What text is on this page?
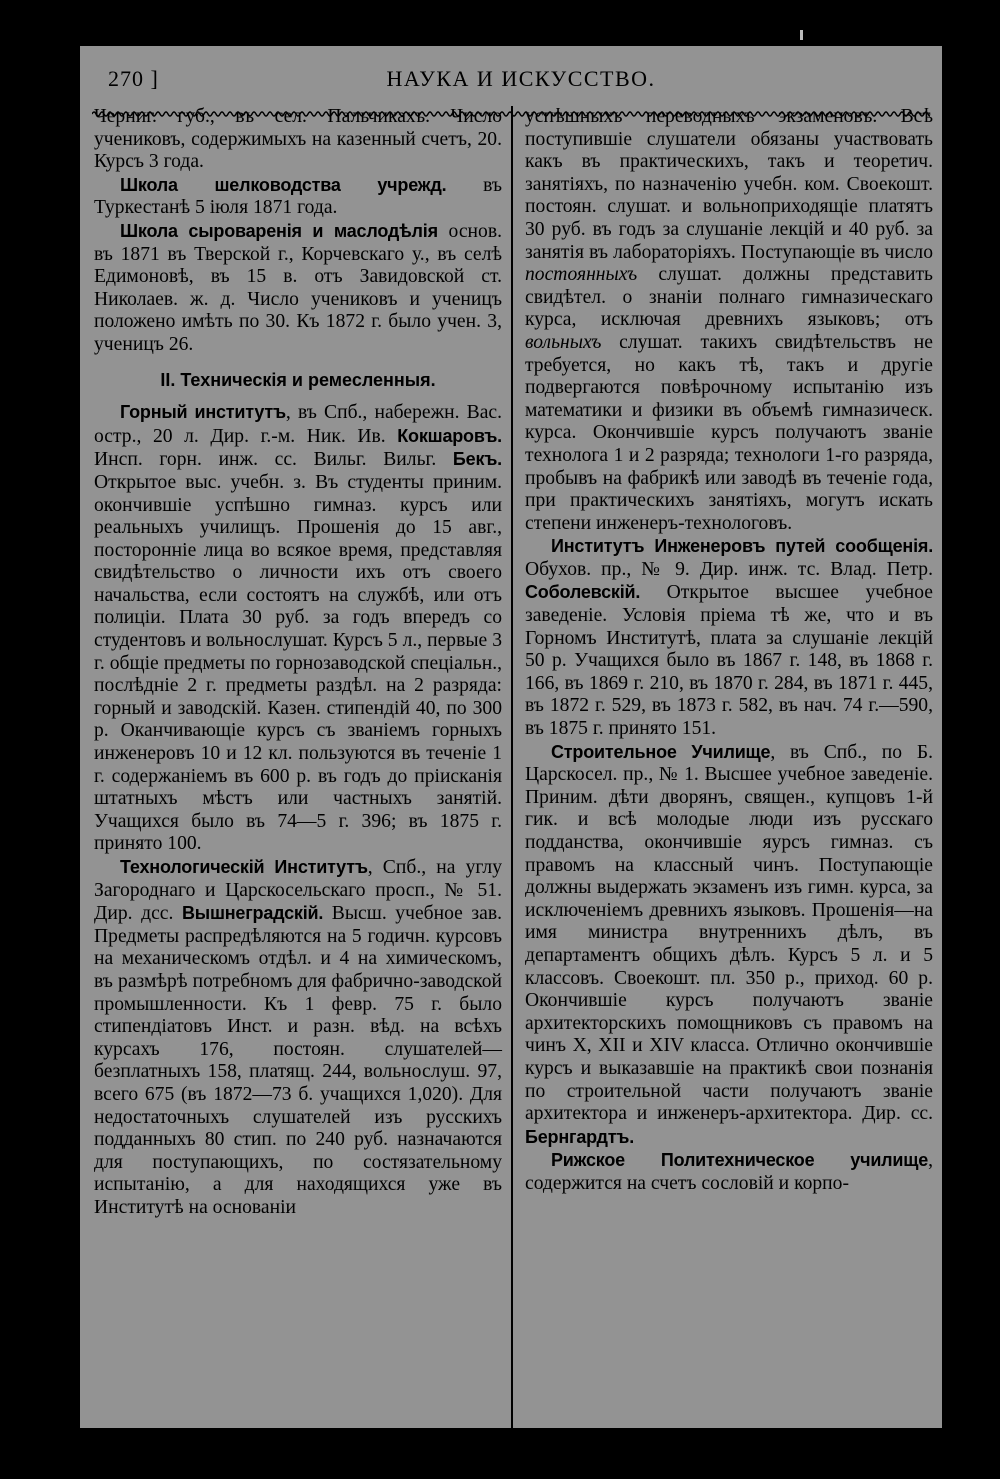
270 ]	НАУКА И ИСКУССТВО.

Черниг. губ., въ сел. Пальчикахъ. Число учениковъ, содержимыхъ на казенный счетъ, 20. Курсъ 3 года.

Школа шелководства учрежд. въ Туркестанѣ 5 іюля 1871 года.

Школа сыроваренія и маслодѣлія основ. въ 1871 въ Тверской г., Корчевскаго у., въ селѣ Едимоновѣ, въ 15 в. отъ Завидовской ст. Николаев. ж. д. Число учениковъ и ученицъ положено имѣть по 30. Къ 1872 г. было учен. 3, ученицъ 26.

II. Техническія и ремесленныя.

Горный институтъ, въ Спб., набережн. Вас. остр., 20 л. Дир. г.-м. Ник. Ив. Кокшаровъ. Инсп. горн. инж. сс. Вильг. Вильг. Бекъ. Открытое выс. учебн. з. Въ студенты приним. окончившіе успѣшно гимназ. курсъ или реальныхъ училищъ. Прошенія до 15 авг., посторонніе лица во всякое время, представляя свидѣтельство о личности ихъ отъ своего начальства, если состоятъ на службѣ, или отъ полиціи. Плата 30 руб. за годъ впередъ со студентовъ и вольнослушат. Курсъ 5 л., первые 3 г. общіе предметы по горнозаводской спеціальн., послѣдніе 2 г. предметы раздѣл. на 2 разряда: горный и заводскій. Казен. стипендій 40, по 300 р. Оканчивающіе курсъ съ званіемъ горныхъ инженеровъ 10 и 12 кл. пользуются въ теченіе 1 г. содержаніемъ въ 600 р. въ годъ до пріисканія штатныхъ мѣстъ или частныхъ занятій. Учащихся было въ 74—5 г. 396; въ 1875 г. принято 100.

Технологическій Институтъ, Спб., на углу Загороднаго и Царскосельскаго просп., № 51. Дир. дсс. Вышнеградскій. Высш. учебное зав. Предметы распредѣляются на 5 годичн. курсовъ на механическомъ отдѣл. и 4 на химическомъ, въ размѣрѣ потребномъ для фабрично-заводской промышленности. Къ 1 февр. 75 г. было стипендіатовъ Инст. и разн. вѣд. на всѣхъ курсахъ 176, постоян. слушателей—безплатныхъ 158, платящ. 244, вольнослуш. 97, всего 675 (въ 1872—73 б. учащихся 1,020). Для недостаточныхъ слушателей изъ русскихъ подданныхъ 80 стип. по 240 руб. назначаются для поступающихъ, по состязательному испытанію, а для находящихся уже въ Институтѣ на основаніи

успѣшныхъ переводныхъ экзаменовъ. Всѣ поступившіе слушатели обязаны участвовать какъ въ практическихъ, такъ и теоретич. занятіяхъ, по назначенію учебн. ком. Своекошт. постоян. слушат. и вольноприходящіе платятъ 30 руб. въ годъ за слушаніе лекцій и 40 руб. за занятія въ лабораторіяхъ. Поступающіе въ число постоянныхъ слушат. должны представить свидѣтел. о знаніи полнаго гимназическаго курса, исключая древнихъ языковъ; отъ вольныхъ слушат. такихъ свидѣтельствъ не требуется, но какъ тѣ, такъ и другіе подвергаются повѣрочному испытанію изъ математики и физики въ объемѣ гимназическ. курса. Окончившіе курсъ получаютъ званіе технолога 1 и 2 разряда; технологи 1-го разряда, пробывъ на фабрикѣ или заводѣ въ теченіе года, при практическихъ занятіяхъ, могутъ искать степени инженеръ-технологовъ.

Институтъ Инженеровъ путей сообщенія. Обухов. пр., № 9. Дир. инж. тс. Влад. Петр. Соболевскій. Открытое высшее учебное заведеніе. Условія пріема тѣ же, что и въ Горномъ Институтѣ, плата за слушаніе лекцій 50 р. Учащихся было въ 1867 г. 148, въ 1868 г. 166, въ 1869 г. 210, въ 1870 г. 284, въ 1871 г. 445, въ 1872 г. 529, въ 1873 г. 582, въ нач. 74 г.—590, въ 1875 г. принято 151.

Строительное Училище, въ Спб., по Б. Царскосел. пр., № 1. Высшее учебное заведеніе. Приним. дѣти дворянъ, священ., купцовъ 1-й гик. и всѣ молодые люди изъ русскаго подданства, окончившіе яурсъ гимназ. съ правомъ на классный чинъ. Поступающіе должны выдержать экзаменъ изъ гимн. курса, за исключеніемъ древнихъ языковъ. Прошенія—на имя министра внутреннихъ дѣлъ, въ департаментъ общихъ дѣлъ. Курсъ 5 л. и 5 классовъ. Своекошт. пл. 350 р., приход. 60 р. Окончившіе курсъ получаютъ званіе архитекторскихъ помощниковъ съ правомъ на чинъ X, XII и XIV класса. Отлично окончившіе курсъ и выказавшіе на практикѣ свои познанія по строительной части получаютъ званіе архитектора и инженеръ-архитектора. Дир. сс. Бернгардтъ.

Рижское Политехническое училище, содержится на счетъ сословій и корпо-
